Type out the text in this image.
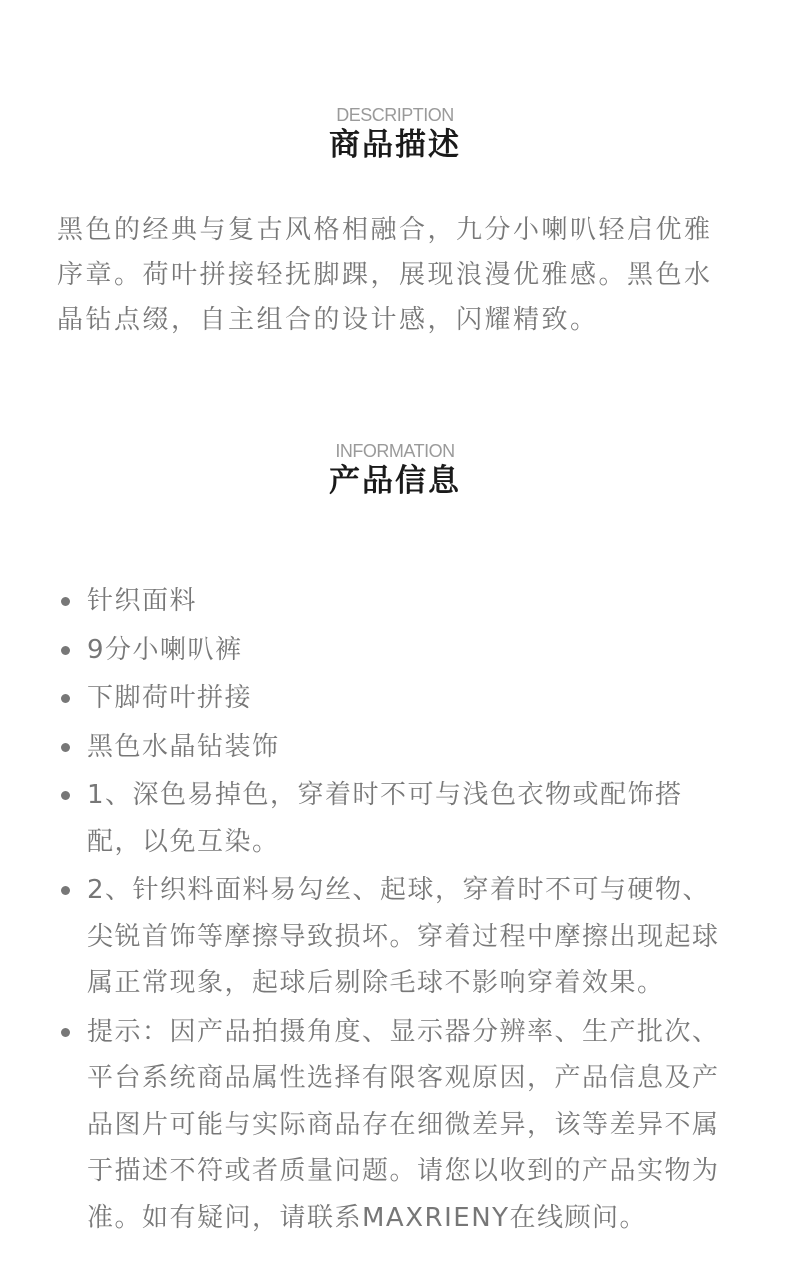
DESCRIPTION
商品描述

黑色的经典与复古风格相融合，九分小喇叭轻启优雅序章。荷叶拼接轻抚脚踝，展现浪漫优雅感。黑色水晶钻点缀，自主组合的设计感，闪耀精致。

INFORMATION
产品信息
针织面料
9分小喇叭裤
下脚荷叶拼接
黑色水晶钻装饰
1、深色易掉色，穿着时不可与浅色衣物或配饰搭配，以免互染。
2、针织料面料易勾丝、起球，穿着时不可与硬物、尖锐首饰等摩擦导致损坏。穿着过程中摩擦出现起球属正常现象，起球后剔除毛球不影响穿着效果。
提示：因产品拍摄角度、显示器分辨率、生产批次、平台系统商品属性选择有限客观原因，产品信息及产品图片可能与实际商品存在细微差异，该等差异不属于描述不符或者质量问题。请您以收到的产品实物为准。如有疑问，请联系MAXRIENY在线顾问。
